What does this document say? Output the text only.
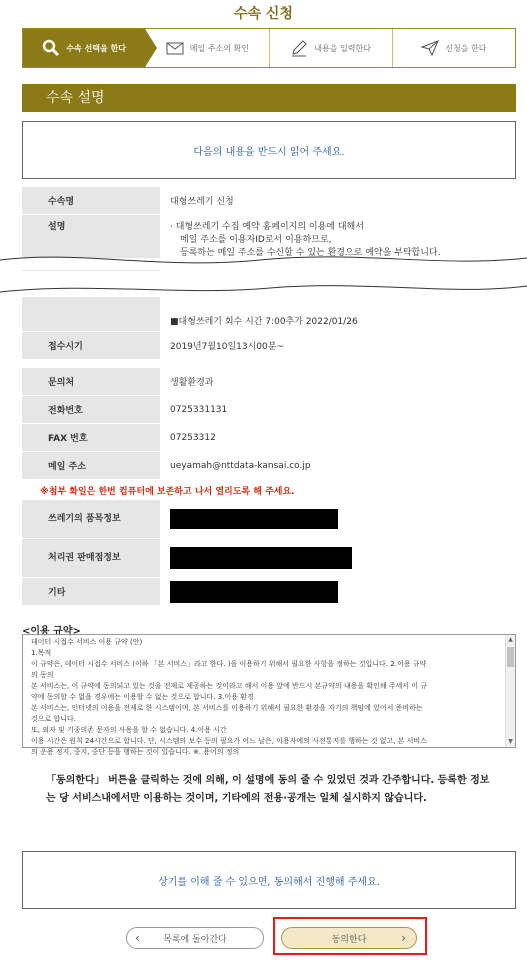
수속 신청
수속 선택을 한다	메일 주소의 확인	내용을 입력한다	신청을 한다
수속 설명
다음의 내용을 반드시 읽어 주세요.
수속명	대형쓰레기 신청
설명	· 대형쓰레기 수집 예약 홈페이지의 이용에 대해서
메일 주소를 이용자ID로서 이용하므로,
등록하는 메일 주소를 수신할 수 있는 환경으로 예약을 부탁합니다.
	■대형쓰레기 회수 시간 7:00추가 2022/01/26
접수시기	2019년7월10일13시00분~
문의처	생활환경과
전화번호	0725331131
FAX 번호	07253312
메일 주소	ueyamah@nttdata-kansai.co.jp
※첨부 화일은 한번 컴퓨터에 보존하고 나서 열리도록 해 주세요.
쓰레기의 품목정보	
처리권 판매점정보	
기타	
<이용 규약>
데이터 시접수 서비스 이용 규약 (안)
1.목적
이 규약은, 데이터 시접수 서비스 (이하 「본 서비스」라고 한다. )을 이용하기 위해서 필요한 사항을 정하는 것입니다. 2.이용 규약
의 동의
본 서비스는, 이 규약에 동의되고 있는 것을 전제로 제공하는 것이라고 해서 이용 앞에 반드시 본규약의 내용을 확인해 주세서 이 규
약에 동의할 수 없을 경우에는 이용할 수 없는 것으로 합니다. 3.이용 환경
본 서비스는, 인터넷의 이용을 전제로 한 시스템이며, 본 서비스를 이용하기 위해서 필요한 환경을 자기의 책임에 있어서 준비하는
것으로 합니다.
또, 외자 및 기종의존 문자의 사용을 할 수 없습니다. 4.이용 시간
이용 시간은 원칙 24시간으로 합니다. 단, 시스템의 보수 등의 필요가 어느 날은, 이용자에의 사전통지를 행하는 것 없고, 본 서비스
의 운용 정지, 중지, 중단 등을 행하는 것이 있습니다. ※. 용어의 정의
▲
▼
「동의한다」 버튼을 클릭하는 것에 의해, 이 설명에 동의 줄 수 있었던 것과 간주합니다. 등록한 정보는 당 서비스내에서만 이용하는 것이며, 기타에의 전용·공개는 일체 실시하지 않습니다.
상기를 이해 줄 수 있으면, 동의해서 진행해 주세요.
‹	목록에 돌아간다	동의한다	›
